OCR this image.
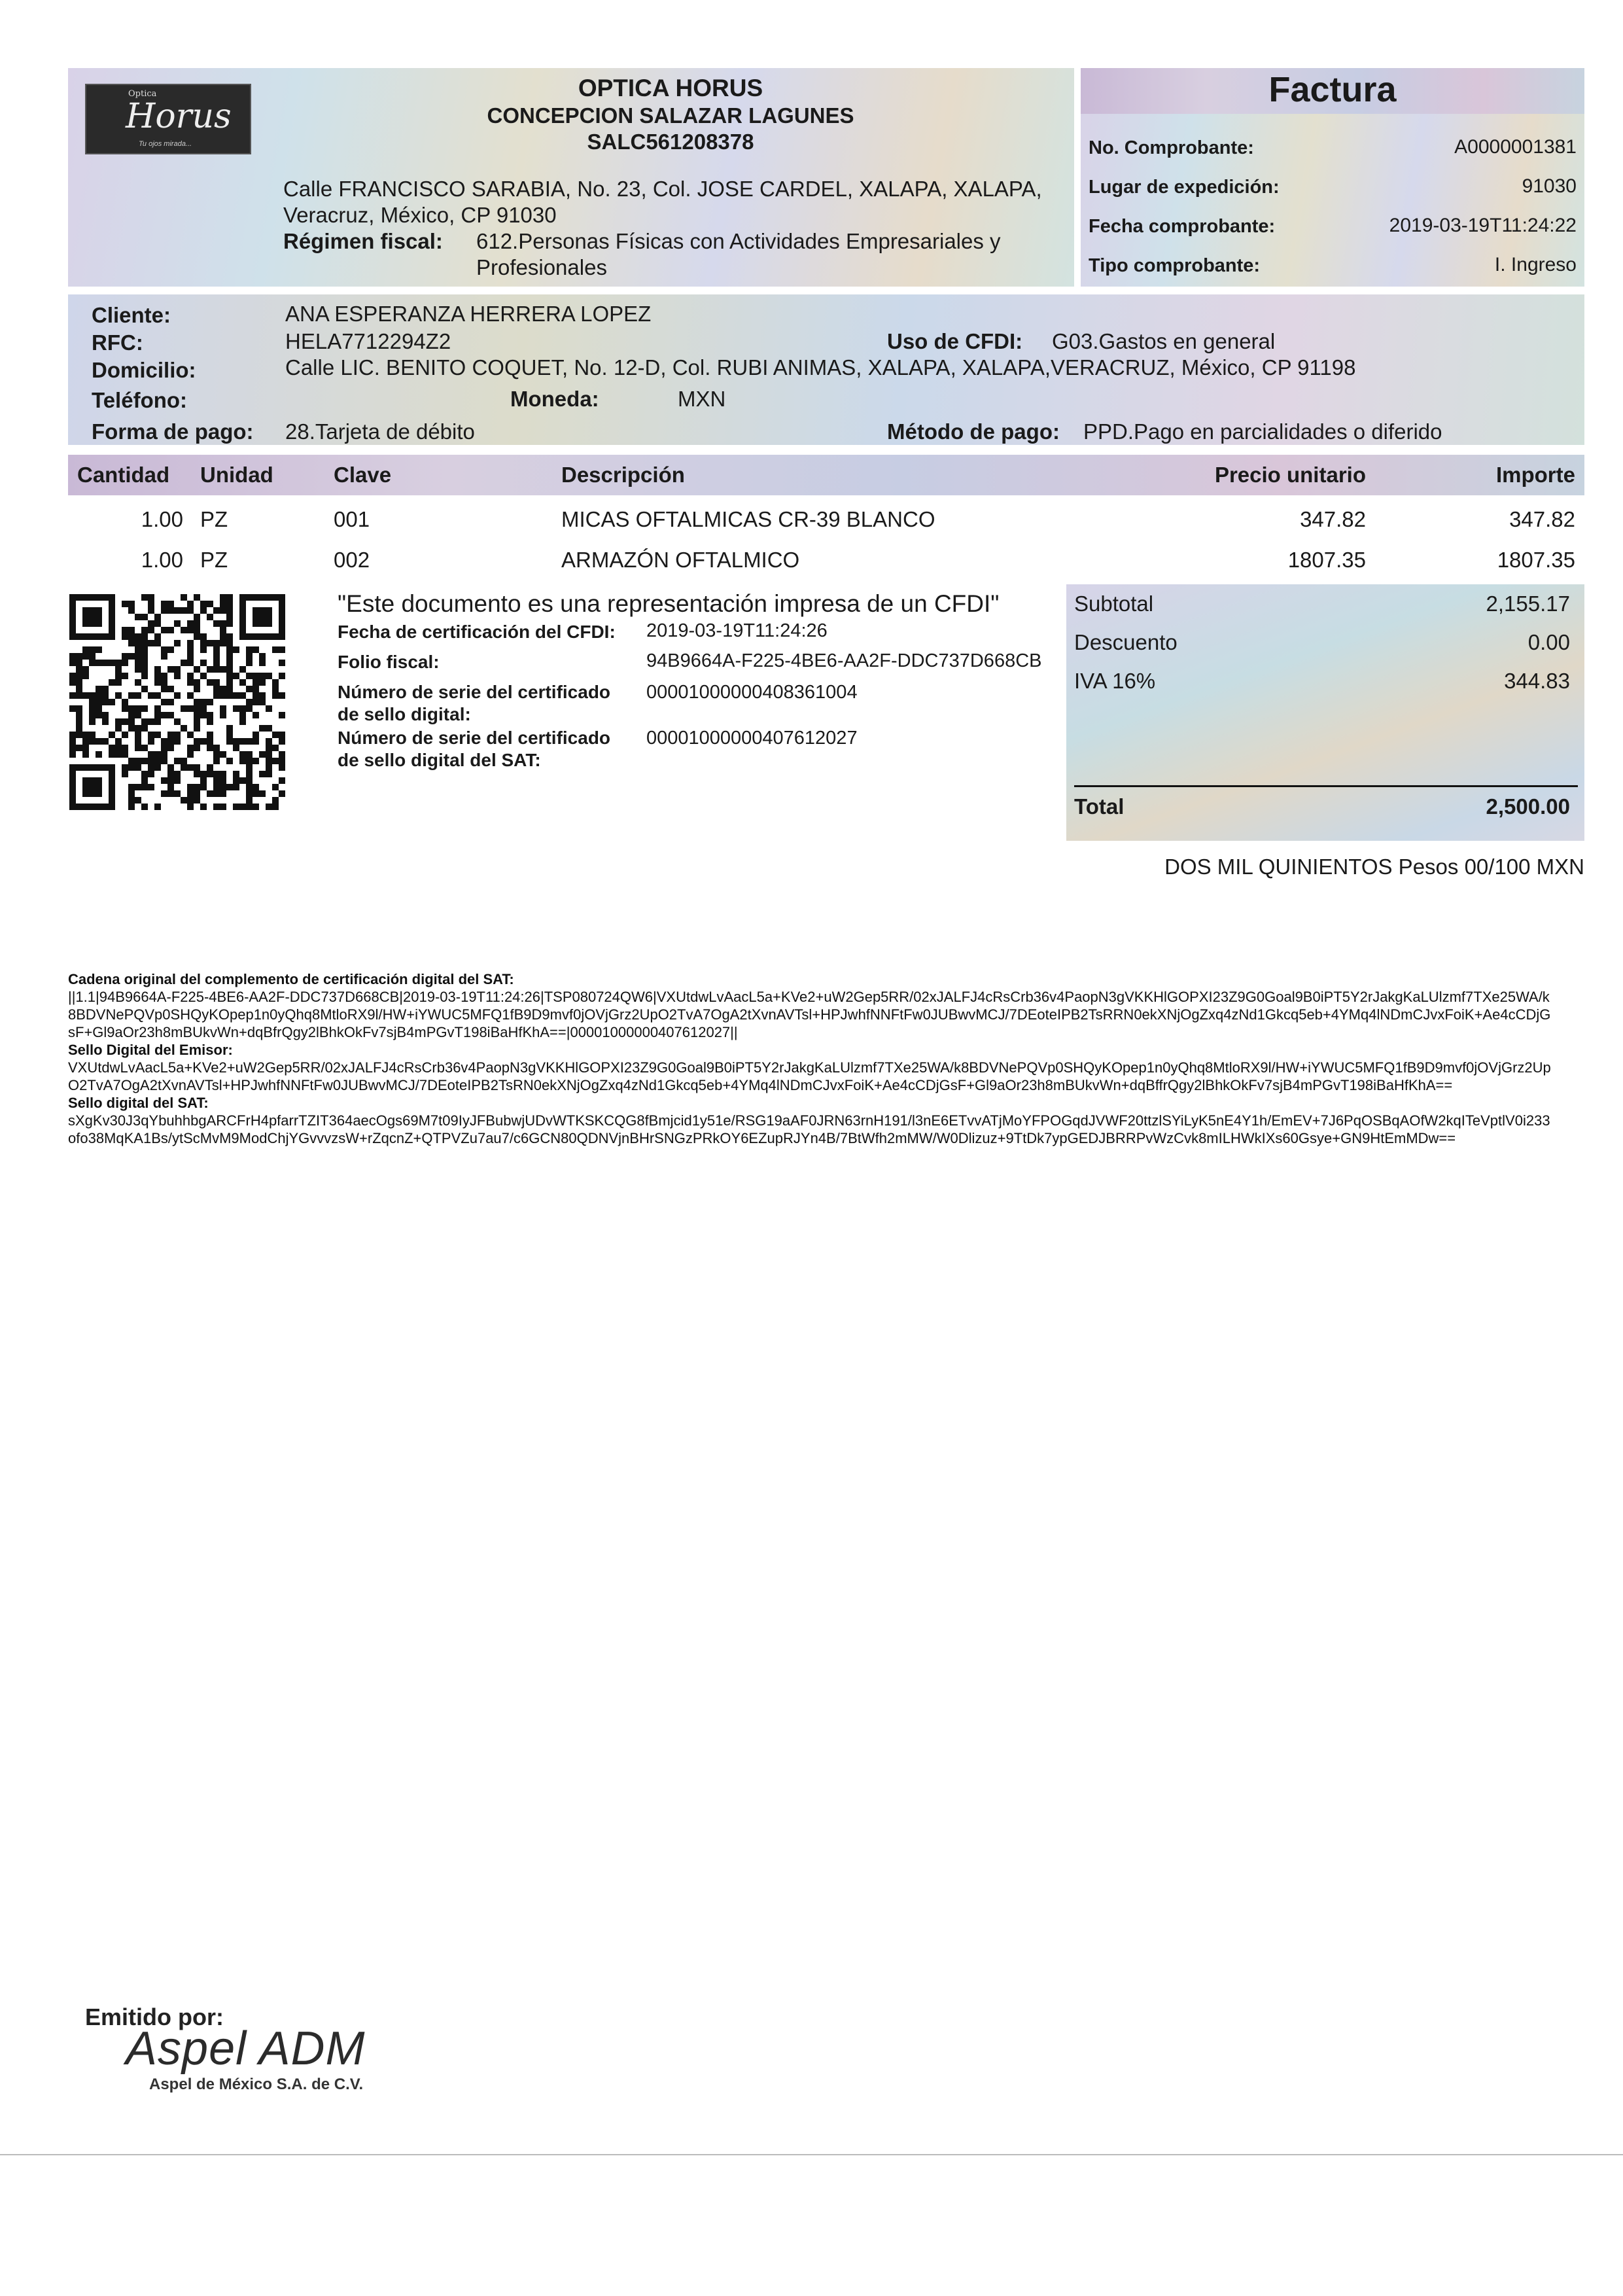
Optica
Horus
Tu ojos mirada...
OPTICA HORUS
CONCEPCION SALAZAR LAGUNES
SALC561208378
Calle FRANCISCO SARABIA, No. 23, Col. JOSE CARDEL, XALAPA, XALAPA,
Veracruz, México, CP 91030
Régimen fiscal: 612.Personas Físicas con Actividades Empresariales y
Profesionales
Factura
No. Comprobante:	A0000001381
Lugar de expedición:	91030
Fecha comprobante:	2019-03-19T11:24:22
Tipo comprobante:	I. Ingreso
Cliente:	ANA ESPERANZA HERRERA LOPEZ
RFC:	HELA7712294Z2	Uso de CFDI: G03.Gastos en general
Domicilio:	Calle LIC. BENITO COQUET, No. 12-D, Col. RUBI ANIMAS, XALAPA, XALAPA,VERACRUZ, México, CP 91198
Teléfono:	Moneda:	MXN
Forma de pago: 28.Tarjeta de débito	Método de pago: PPD.Pago en parcialidades o diferido
Cantidad Unidad	Clave	Descripción	Precio unitario	Importe
1.00 PZ	001	MICAS OFTALMICAS CR-39 BLANCO	347.82	347.82
1.00 PZ	002	ARMAZÓN OFTALMICO	1807.35	1807.35
"Este documento es una representación impresa de un CFDI"
Fecha de certificación del CFDI: 2019-03-19T11:24:26
Folio fiscal:	94B9664A-F225-4BE6-AA2F-DDC737D668CB
Número de serie del certificado
de sello digital:
00001000000408361004
Número de serie del certificado
de sello digital del SAT:
00001000000407612027
Subtotal	2,155.17
Descuento	0.00
IVA 16%	344.83
Total	2,500.00
DOS MIL QUINIENTOS Pesos 00/100 MXN
Cadena original del complemento de certificación digital del SAT:
||1.1|94B9664A-F225-4BE6-AA2F-DDC737D668CB|2019-03-19T11:24:26|TSP080724QW6|VXUtdwLvAacL5a+KVe2+uW2Gep5RR/02xJALFJ4cRsCrb36v4PaopN3gVKKHlGOPXI23Z9G0Goal9B0iPT5Y2rJakgKaLUlzmf7TXe25WA/k8BDVNePQVp0SHQyKOpep1n0yQhq8MtloRX9l/HW+iYWUC5MFQ1fB9D9mvf0jOVjGrz2UpO2TvA7OgA2tXvnAVTsl+HPJwhfNNFtFw0JUBwvMCJ/7DEoteIPB2TsRRN0ekXNjOgZxq4zNd1Gkcq5eb+4YMq4lNDmCJvxFoiK+Ae4cCDjGsF+Gl9aOr23h8mBUkvWn+dqBfrQgy2lBhkOkFv7sjB4mPGvT198iBaHfKhA==|00001000000407612027||
Sello Digital del Emisor:
VXUtdwLvAacL5a+KVe2+uW2Gep5RR/02xJALFJ4cRsCrb36v4PaopN3gVKKHlGOPXI23Z9G0Goal9B0iPT5Y2rJakgKaLUlzmf7TXe25WA/k8BDVNePQVp0SHQyKOpep1n0yQhq8MtloRX9l/HW+iYWUC5MFQ1fB9D9mvf0jOVjGrz2UpO2TvA7OgA2tXvnAVTsl+HPJwhfNNFtFw0JUBwvMCJ/7DEoteIPB2TsRN0ekXNjOgZxq4zNd1Gkcq5eb+4YMq4lNDmCJvxFoiK+Ae4cCDjGsF+Gl9aOr23h8mBUkvWn+dqBffrQgy2lBhkOkFv7sjB4mPGvT198iBaHfKhA==
Sello digital del SAT:
sXgKv30J3qYbuhhbgARCFrH4pfarrTZIT364aecOgs69M7t09IyJFBubwjUDvWTKSKCQG8fBmjcid1y51e/RSG19aAF0JRN63rnH191/l3nE6ETvvATjMoYFPOGqdJVWF20ttzlSYiLyK5nE4Y1h/EmEV+7J6PqOSBqAOfW2kqITeVptlV0i233ofo38MqKA1Bs/ytScMvM9ModChjYGvvvzsW+rZqcnZ+QTPVZu7au7/c6GCN80QDNVjnBHrSNGzPRkOY6EZupRJYn4B/7BtWfh2mMW/W0Dlizuz+9TtDk7ypGEDJBRRPvWzCvk8mILHWkIXs60Gsye+GN9HtEmMDw==
Emitido por:
Aspel ADM
Aspel de México S.A. de C.V.
